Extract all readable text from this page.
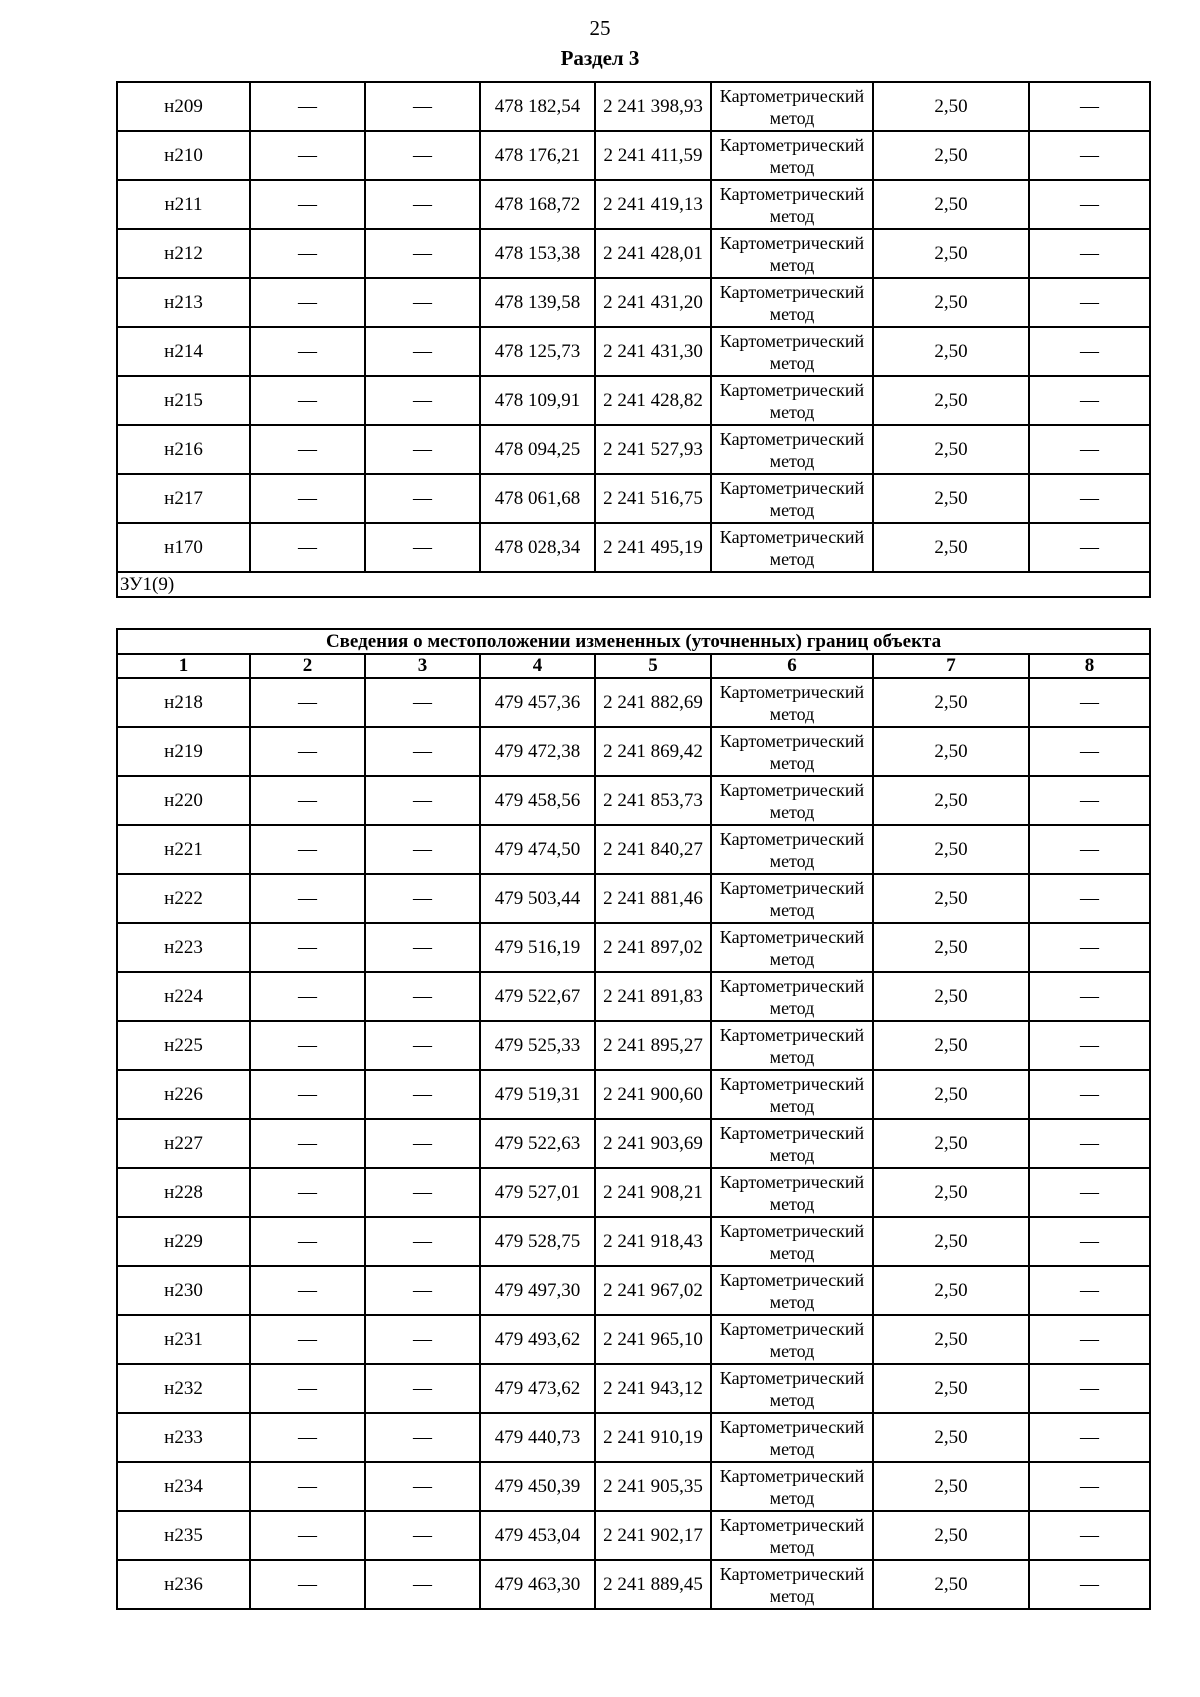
25
Раздел 3
н209	—	—	478 182,54	2 241 398,93	Картометрический метод	2,50	—
н210	—	—	478 176,21	2 241 411,59	Картометрический метод	2,50	—
н211	—	—	478 168,72	2 241 419,13	Картометрический метод	2,50	—
н212	—	—	478 153,38	2 241 428,01	Картометрический метод	2,50	—
н213	—	—	478 139,58	2 241 431,20	Картометрический метод	2,50	—
н214	—	—	478 125,73	2 241 431,30	Картометрический метод	2,50	—
н215	—	—	478 109,91	2 241 428,82	Картометрический метод	2,50	—
н216	—	—	478 094,25	2 241 527,93	Картометрический метод	2,50	—
н217	—	—	478 061,68	2 241 516,75	Картометрический метод	2,50	—
н170	—	—	478 028,34	2 241 495,19	Картометрический метод	2,50	—
ЗУ1(9)							
Сведения о местоположении измененных (уточненных) границ объекта							
1	2	3	4	5	6	7	8
н218	—	—	479 457,36	2 241 882,69	Картометрический метод	2,50	—
н219	—	—	479 472,38	2 241 869,42	Картометрический метод	2,50	—
н220	—	—	479 458,56	2 241 853,73	Картометрический метод	2,50	—
н221	—	—	479 474,50	2 241 840,27	Картометрический метод	2,50	—
н222	—	—	479 503,44	2 241 881,46	Картометрический метод	2,50	—
н223	—	—	479 516,19	2 241 897,02	Картометрический метод	2,50	—
н224	—	—	479 522,67	2 241 891,83	Картометрический метод	2,50	—
н225	—	—	479 525,33	2 241 895,27	Картометрический метод	2,50	—
н226	—	—	479 519,31	2 241 900,60	Картометрический метод	2,50	—
н227	—	—	479 522,63	2 241 903,69	Картометрический метод	2,50	—
н228	—	—	479 527,01	2 241 908,21	Картометрический метод	2,50	—
н229	—	—	479 528,75	2 241 918,43	Картометрический метод	2,50	—
н230	—	—	479 497,30	2 241 967,02	Картометрический метод	2,50	—
н231	—	—	479 493,62	2 241 965,10	Картометрический метод	2,50	—
н232	—	—	479 473,62	2 241 943,12	Картометрический метод	2,50	—
н233	—	—	479 440,73	2 241 910,19	Картометрический метод	2,50	—
н234	—	—	479 450,39	2 241 905,35	Картометрический метод	2,50	—
н235	—	—	479 453,04	2 241 902,17	Картометрический метод	2,50	—
н236	—	—	479 463,30	2 241 889,45	Картометрический метод	2,50	—
